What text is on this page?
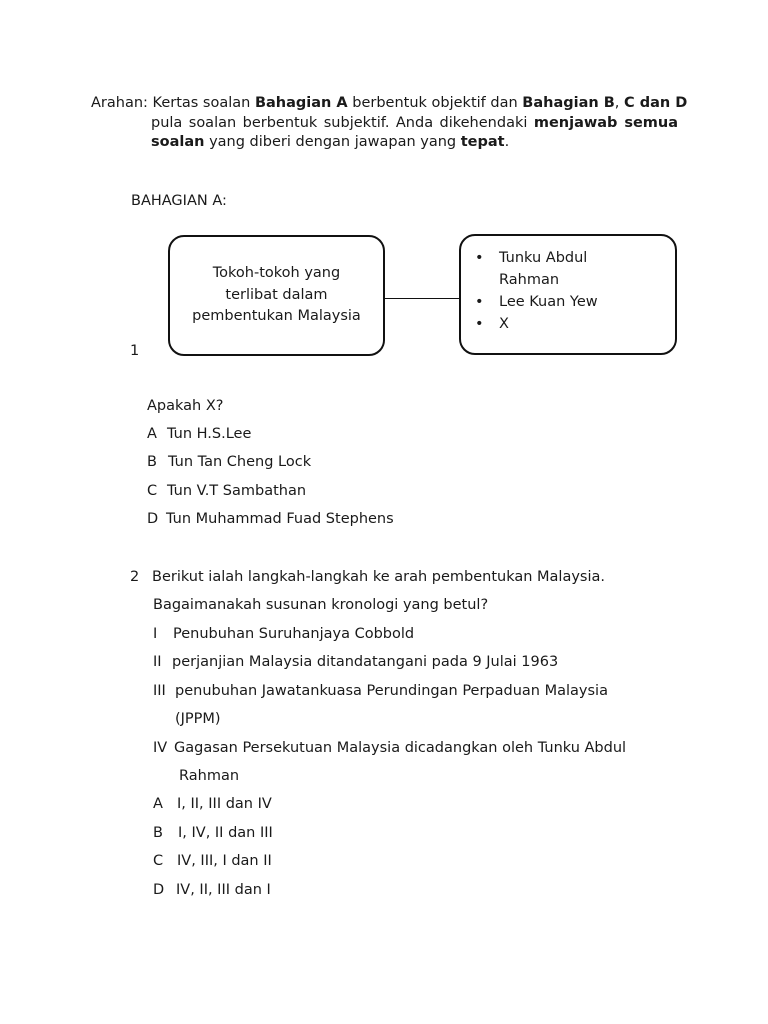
Arahan: Kertas soalan Bahagian A berbentuk objektif dan Bahagian B, C dan D
pula soalan berbentuk subjektif. Anda dikehendaki menjawab semua
soalan yang diberi dengan jawapan yang tepat.
BAHAGIAN A:
Tokoh-tokoh yang
terlibat dalam
pembentukan Malaysia
• Tunku Abdul
Rahman
• Lee Kuan Yew
• X
1
Apakah X?
A Tun H.S.Lee
B Tun Tan Cheng Lock
C Tun V.T Sambathan
D Tun Muhammad Fuad Stephens
2 Berikut ialah langkah-langkah ke arah pembentukan Malaysia.
Bagaimanakah susunan kronologi yang betul?
I Penubuhan Suruhanjaya Cobbold
II perjanjian Malaysia ditandatangani pada 9 Julai 1963
III penubuhan Jawatankuasa Perundingan Perpaduan Malaysia
(JPPM)
IV Gagasan Persekutuan Malaysia dicadangkan oleh Tunku Abdul
Rahman
A I, II, III dan IV
B I, IV, II dan III
C IV, III, I dan II
D IV, II, III dan I
